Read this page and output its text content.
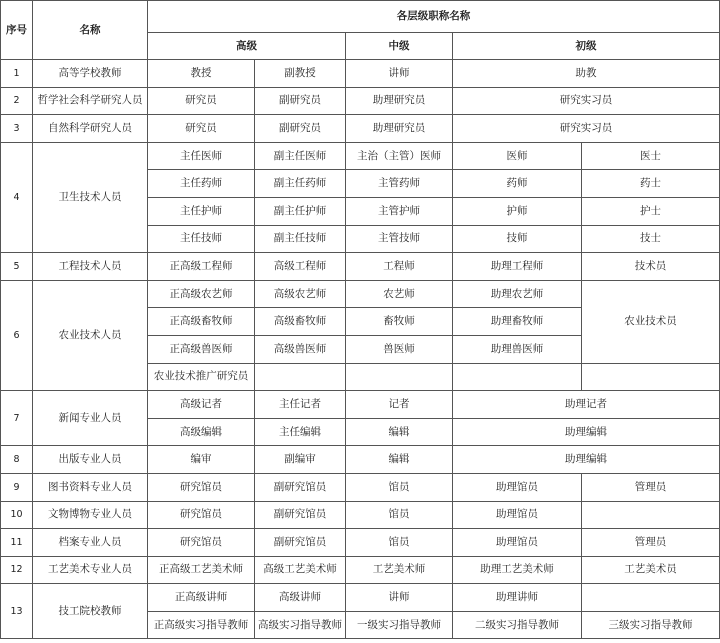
序号	名称	各层级职称名称				
		高级		中级	初级	
1	高等学校教师	教授	副教授	讲师	助教	
2	哲学社会科学研究人员	研究员	副研究员	助理研究员	研究实习员	
3	自然科学研究人员	研究员	副研究员	助理研究员	研究实习员	
4	卫生技术人员	主任医师	副主任医师	主治（主管）医师	医师	医士
		主任药师	副主任药师	主管药师	药师	药士
		主任护师	副主任护师	主管护师	护师	护士
		主任技师	副主任技师	主管技师	技师	技士
5	工程技术人员	正高级工程师	高级工程师	工程师	助理工程师	技术员
6	农业技术人员	正高级农艺师	高级农艺师	农艺师	助理农艺师	农业技术员
		正高级畜牧师	高级畜牧师	畜牧师	助理畜牧师	
		正高级兽医师	高级兽医师	兽医师	助理兽医师	
		农业技术推广研究员				
7	新闻专业人员	高级记者	主任记者	记者	助理记者	
		高级编辑	主任编辑	编辑	助理编辑	
8	出版专业人员	编审	副编审	编辑	助理编辑	
9	图书资料专业人员	研究馆员	副研究馆员	馆员	助理馆员	管理员
10	文物博物专业人员	研究馆员	副研究馆员	馆员	助理馆员	
11	档案专业人员	研究馆员	副研究馆员	馆员	助理馆员	管理员
12	工艺美术专业人员	正高级工艺美术师	高级工艺美术师	工艺美术师	助理工艺美术师	工艺美术员
13	技工院校教师	正高级讲师	高级讲师	讲师	助理讲师	
		正高级实习指导教师	高级实习指导教师	一级实习指导教师	二级实习指导教师	三级实习指导教师
